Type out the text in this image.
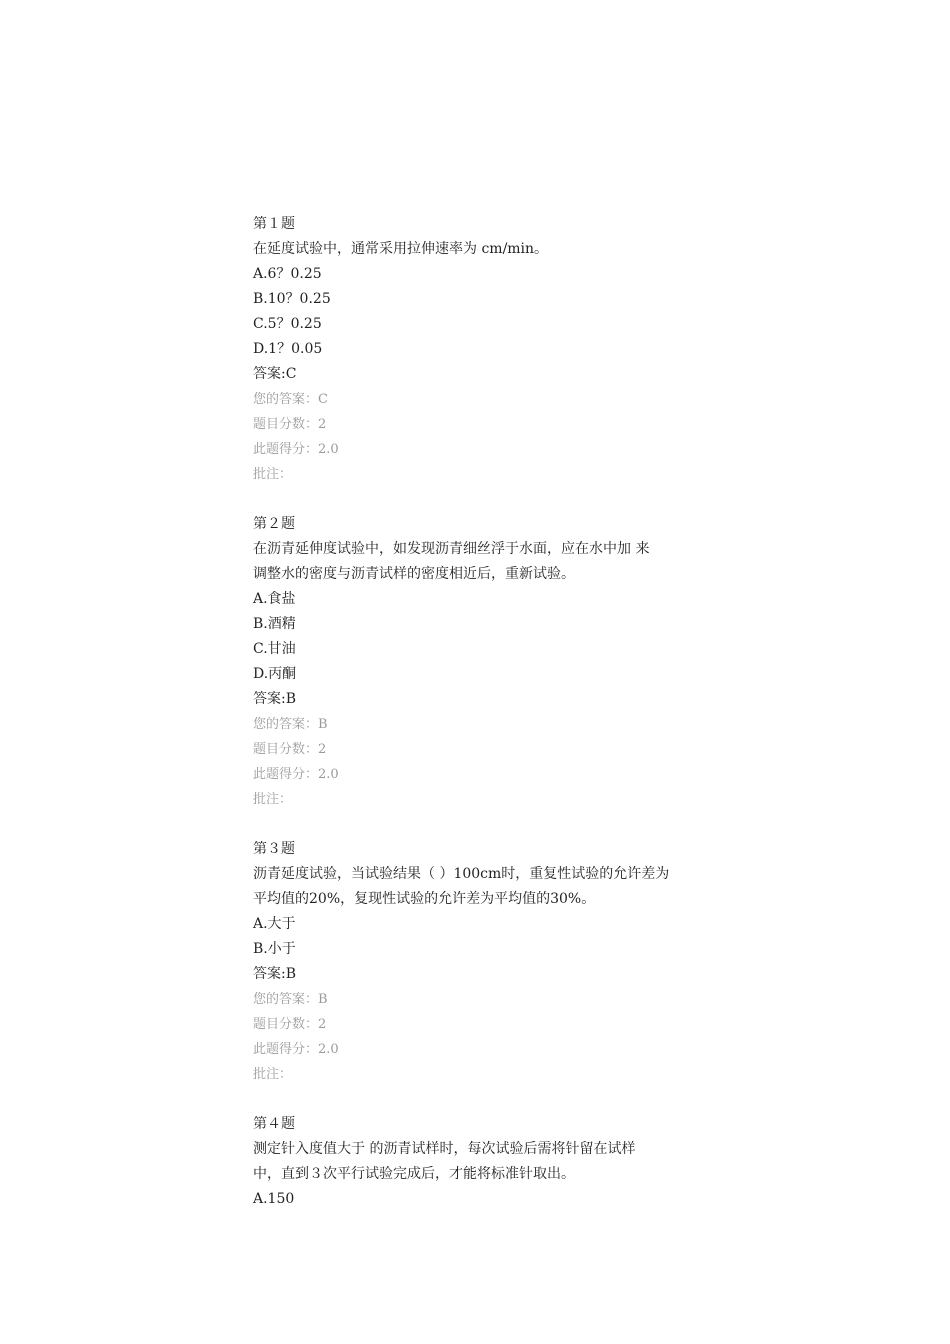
第１题
在延度试验中，通常采用拉伸速率为 cm/min。
A.6？0.25
B.10？0.25
C.5？0.25
D.1？0.05
答案:C
您的答案：C
题目分数：2
此题得分：2.0
批注：
第２题
在沥青延伸度试验中，如发现沥青细丝浮于水面，应在水中加 来
调整水的密度与沥青试样的密度相近后，重新试验。
A.食盐
B.酒精
C.甘油
D.丙酮
答案:B
您的答案：B
题目分数：2
此题得分：2.0
批注：
第３题
沥青延度试验，当试验结果（ ）100cm时，重复性试验的允许差为
平均值的20%，复现性试验的允许差为平均值的30%。
A.大于
B.小于
答案:B
您的答案：B
题目分数：2
此题得分：2.0
批注：
第４题
测定针入度值大于 的沥青试样时，每次试验后需将针留在试样
中，直到３次平行试验完成后，才能将标准针取出。
A.150
